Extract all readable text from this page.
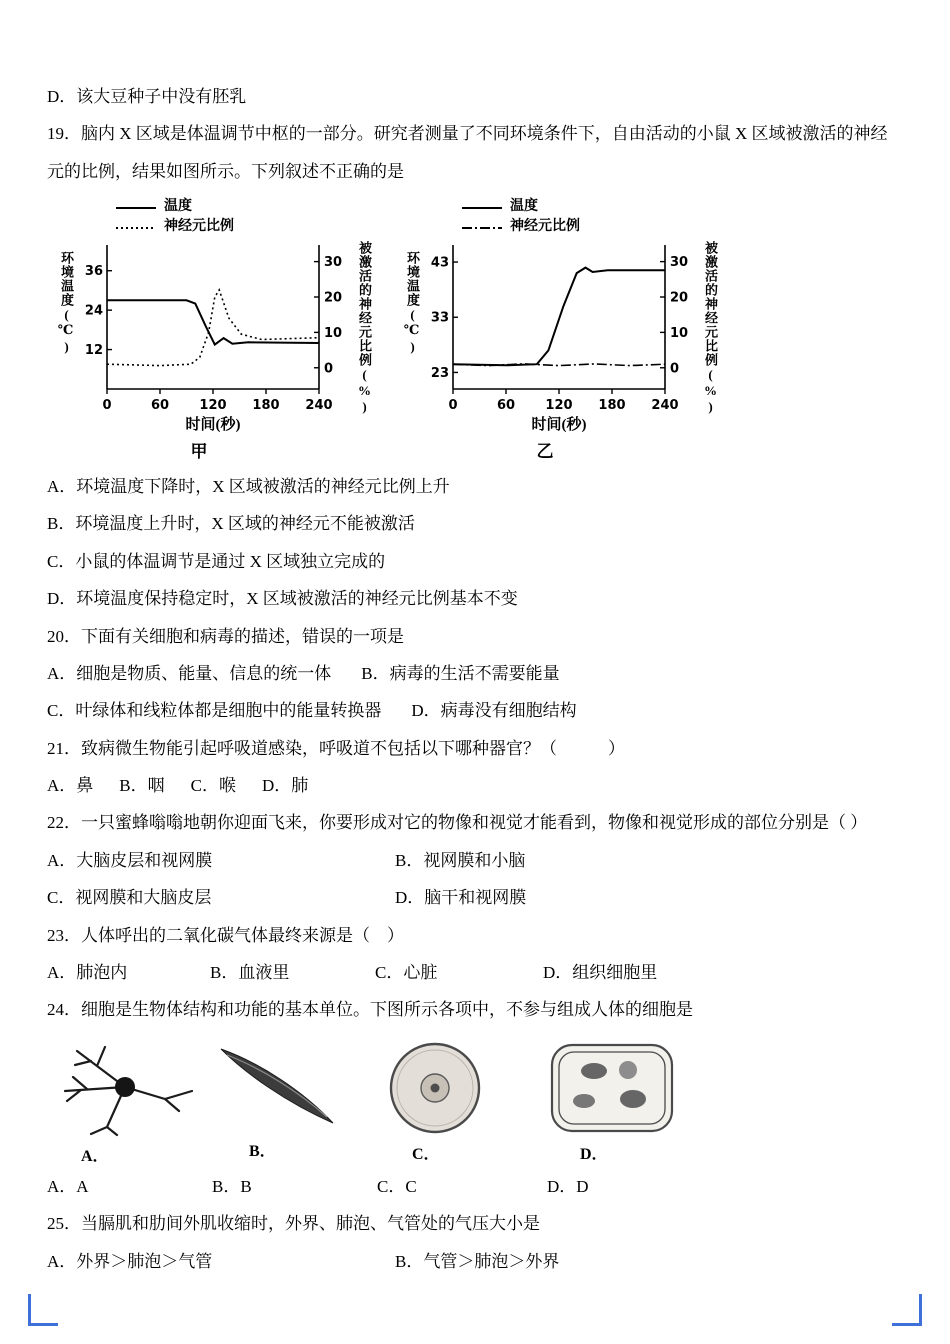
D．该大豆种子中没有胚乳

19．脑内 X 区域是体温调节中枢的一部分。研究者测量了不同环境条件下，自由活动的小鼠 X 区域被激活的神经元的比例，结果如图所示。下列叙述不正确的是

温度
神经元比例
环境温度(℃) 12
24
36
0
10
20
30
0	60 120 180 240
时间(秒)
被激活的神经元比例(%)
甲
温度
神经元比例
环境温度(℃)
23
33
43
0
10
20
30
0	60 120 180 240
时间(秒)
被激活的神经元比例(%)
乙

A．环境温度下降时，X 区域被激活的神经元比例上升

B．环境温度上升时，X 区域的神经元不能被激活

C．小鼠的体温调节是通过 X 区域独立完成的

D．环境温度保持稳定时，X 区域被激活的神经元比例基本不变

20．下面有关细胞和病毒的描述，错误的一项是

A．细胞是物质、能量、信息的统一体 B．病毒的生活不需要能量
C．叶绿体和线粒体都是细胞中的能量转换器 D．病毒没有细胞结构

21．致病微生物能引起呼吸道感染，呼吸道不包括以下哪种器官？（　　　）

A．鼻 B．咽 C．喉 D．肺

22．一只蜜蜂嗡嗡地朝你迎面飞来，你要形成对它的物像和视觉才能看到，物像和视觉形成的部位分别是（ ）

A．大脑皮层和视网膜	B．视网膜和小脑
C．视网膜和大脑皮层	D．脑干和视网膜

23．人体呼出的二氧化碳气体最终来源是（　）

A．肺泡内	B．血液里	C．心脏	D．组织细胞里

24．细胞是生物体结构和功能的基本单位。下图所示各项中，不参与组成人体的细胞是

A．	B．	C．	D．
A．A	B．B	C．C	D．D

25．当膈肌和肋间外肌收缩时，外界、肺泡、气管处的气压大小是

A．外界＞肺泡＞气管	B．气管＞肺泡＞外界
